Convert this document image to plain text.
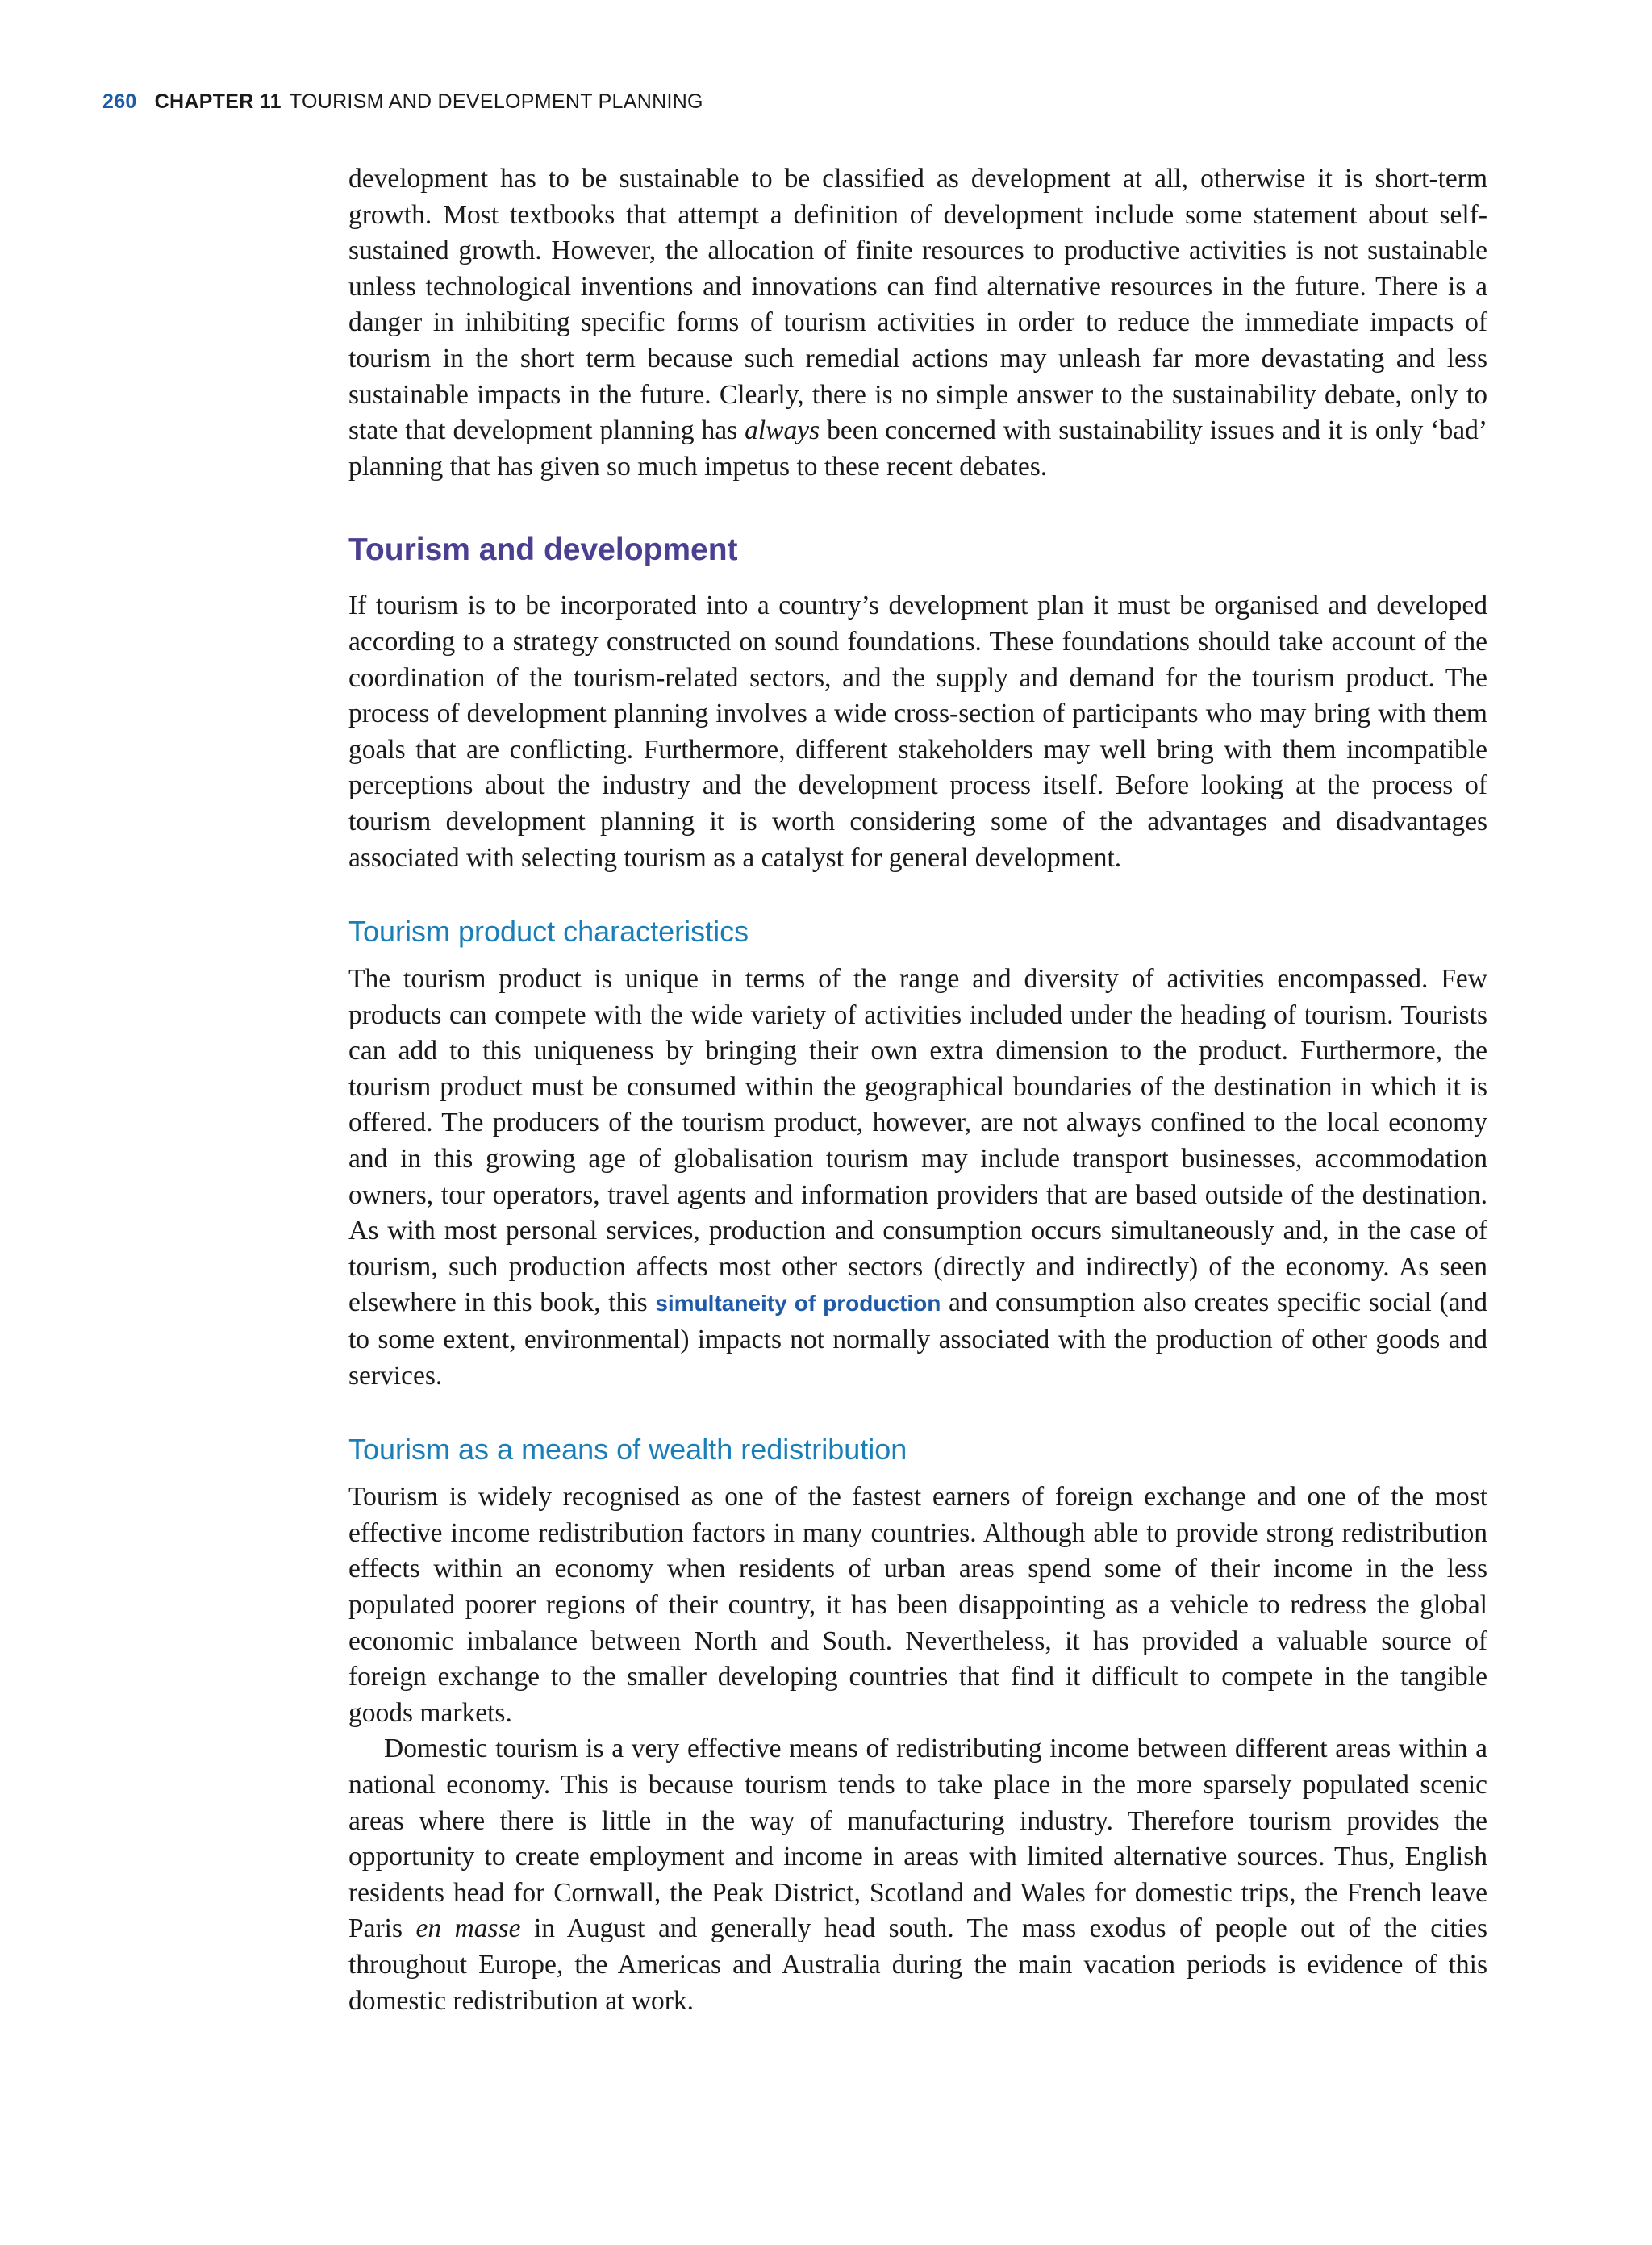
260 CHAPTER 11 TOURISM AND DEVELOPMENT PLANNING

development has to be sustainable to be classified as development at all, otherwise it is short-term growth. Most textbooks that attempt a definition of development include some statement about self-sustained growth. However, the allocation of finite resources to productive activities is not sustainable unless technological inventions and innovations can find alternative resources in the future. There is a danger in inhibiting specific forms of tourism activities in order to reduce the immediate impacts of tourism in the short term because such remedial actions may unleash far more devastating and less sustainable impacts in the future. Clearly, there is no simple answer to the sustainability debate, only to state that development planning has always been concerned with sustainability issues and it is only ‘bad’ planning that has given so much impetus to these recent debates.

Tourism and development

If tourism is to be incorporated into a country’s development plan it must be organised and developed according to a strategy constructed on sound foundations. These foundations should take account of the coordination of the tourism-related sectors, and the supply and demand for the tourism product. The process of development planning involves a wide cross-section of participants who may bring with them goals that are conflicting. Furthermore, different stakeholders may well bring with them incompatible perceptions about the industry and the development process itself. Before looking at the process of tourism development planning it is worth considering some of the advantages and disadvantages associated with selecting tourism as a catalyst for general development.

Tourism product characteristics

The tourism product is unique in terms of the range and diversity of activities encompassed. Few products can compete with the wide variety of activities included under the heading of tourism. Tourists can add to this uniqueness by bringing their own extra dimension to the product. Furthermore, the tourism product must be consumed within the geographical boundaries of the destination in which it is offered. The producers of the tourism product, however, are not always confined to the local economy and in this growing age of globalisation tourism may include transport businesses, accommodation owners, tour operators, travel agents and information providers that are based outside of the destination. As with most personal services, production and consumption occurs simultaneously and, in the case of tourism, such production affects most other sectors (directly and indirectly) of the economy. As seen elsewhere in this book, this simultaneity of production and consumption also creates specific social (and to some extent, environmental) impacts not normally associated with the production of other goods and services.

Tourism as a means of wealth redistribution

Tourism is widely recognised as one of the fastest earners of foreign exchange and one of the most effective income redistribution factors in many countries. Although able to provide strong redistribution effects within an economy when residents of urban areas spend some of their income in the less populated poorer regions of their country, it has been disappointing as a vehicle to redress the global economic imbalance between North and South. Nevertheless, it has provided a valuable source of foreign exchange to the smaller developing countries that find it difficult to compete in the tangible goods markets.

Domestic tourism is a very effective means of redistributing income between different areas within a national economy. This is because tourism tends to take place in the more sparsely populated scenic areas where there is little in the way of manufacturing industry. Therefore tourism provides the opportunity to create employment and income in areas with limited alternative sources. Thus, English residents head for Cornwall, the Peak District, Scotland and Wales for domestic trips, the French leave Paris en masse in August and generally head south. The mass exodus of people out of the cities throughout Europe, the Americas and Australia during the main vacation periods is evidence of this domestic redistribution at work.
